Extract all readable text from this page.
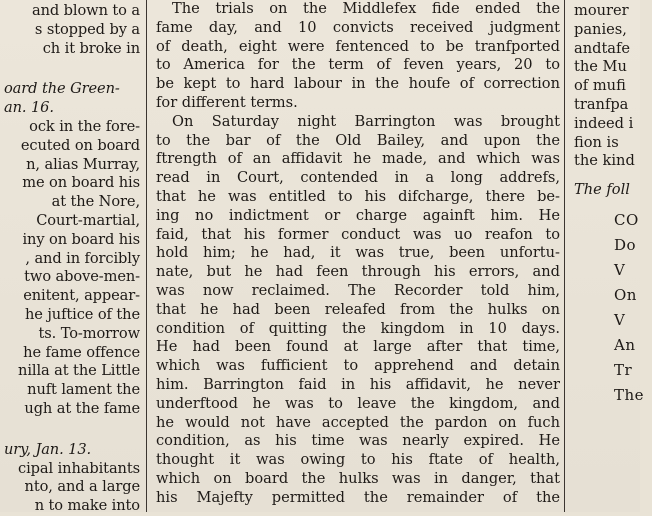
and blown to a
s stopped by a
ch it broke in
oard the Green-
an. 16.
ock in the fore-
ecuted on board
n, alias Murray,
me on board his
at the Nore,
Court-martial,
iny on board his
, and in forcibly
two above-men-
enitent, appear-
he juftice of the
ts. To-morrow
he fame offence
nilla at the Little
nuft lament the
ugh at the fame
ury, Jan. 13.
cipal inhabitants
nto, and a large
n to make into
The trials on the Middlefex fide ended the
fame day, and 10 convicts received judgment
of death, eight were fentenced to be tranfported
to America for the term of feven years, 20 to
be kept to hard labour in the houfe of correction
for different terms.
On Saturday night Barrington was brought
to the bar of the Old Bailey, and upon the
ftrength of an affidavit he made, and which was
read in Court, contended in a long addrefs,
that he was entitled to his difcharge, there be-
ing no indictment or charge againft him. He
faid, that his former conduct was uo reafon to
hold him; he had, it was true, been unfortu-
nate, but he had feen through his errors, and
was now reclaimed. The Recorder told him,
that he had been releafed from the hulks on
condition of quitting the kingdom in 10 days.
He had been found at large after that time,
which was fufficient to apprehend and detain
him. Barrington faid in his affidavit, he never
underftood he was to leave the kingdom, and
he would not have accepted the pardon on fuch
condition, as his time was nearly expired. He
thought it was owing to his ftate of health,
which on board the hulks was in danger, that
his Majefty permitted the remainder of the
mourer
panies,
andtafe
the Mu
of mufi
tranfpa
indeed i
fion is
the kind
The foll
CO
Do
V
On
V
An
Tr
The
